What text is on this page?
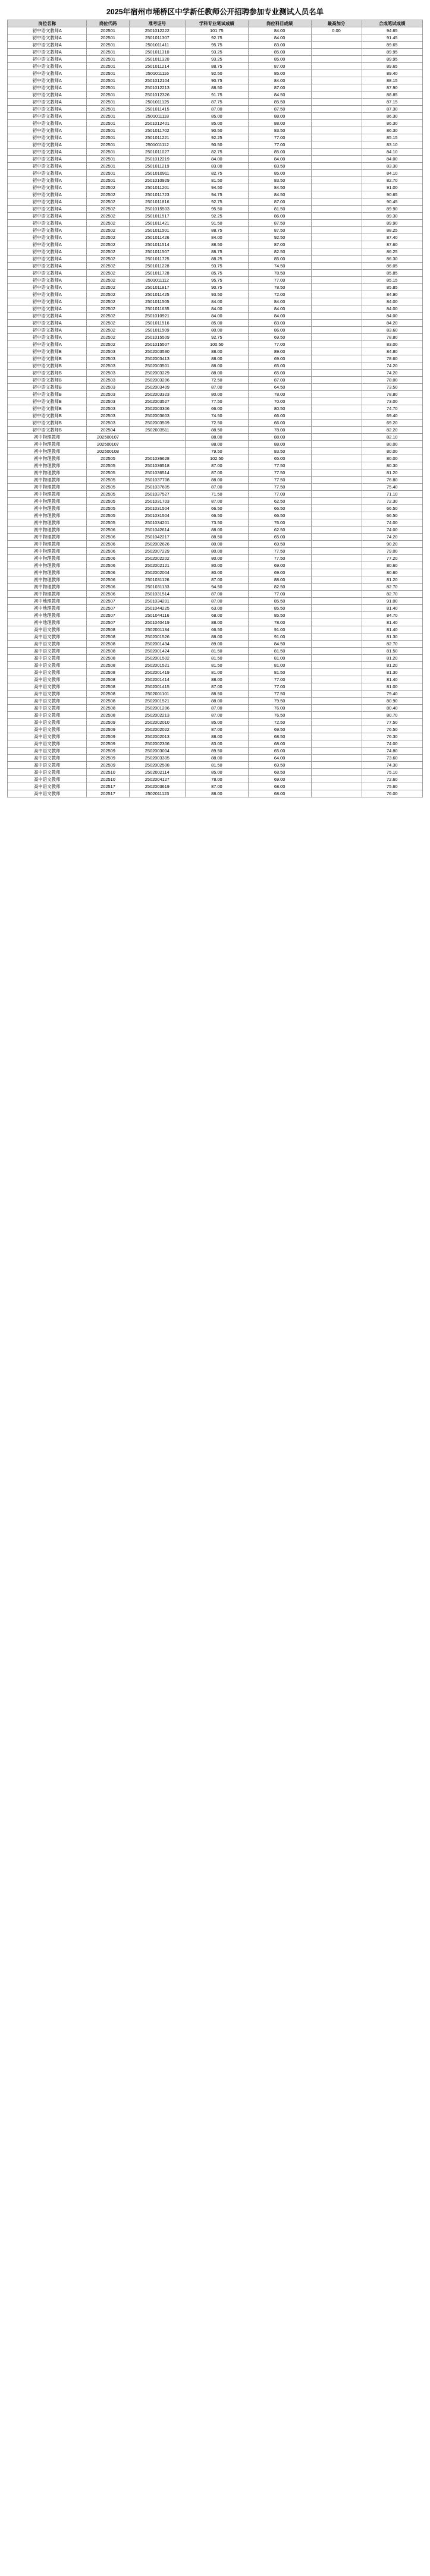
2025年宿州市埇桥区中学新任教师公开招聘参加专业测试人员名单
岗位名称	岗位代码	准考证号	学科专业笔试成绩	岗位科目成绩	最高加分	合成笔试成绩
初中语文教师A	202501	2501012222	101.75	84.00	0.00	94.65
初中语文教师A	202501	2501011307	92.75	84.00		91.45
初中语文教师A	202501	2501011411	95.75	83.00		89.65
初中语文教师A	202501	2501011310	93.25	85.00		89.95
初中语文教师A	202501	2501011320	93.25	85.00		89.95
初中语文教师A	202501	2501011214	88.75	87.00		89.65
初中语文教师A	202501	2501011116	92.50	85.00		89.40
初中语文教师A	202501	2501012104	90.75	84.00		88.15
初中语文教师A	202501	2501012213	88.50	87.00		87.90
初中语文教师A	202501	2501012326	91.75	84.50		88.85
初中语文教师A	202501	2501011125	87.75	85.50		87.15
初中语文教师A	202501	2501011415	87.00	87.50		87.30
初中语文教师A	202501	2501011118	85.00	88.00		86.30
初中语文教师A	202501	2501012401	85.00	88.00		86.30
初中语文教师A	202501	2501011702	90.50	83.50		86.30
初中语文教师A	202501	2501011221	92.25	77.00		85.15
初中语文教师A	202501	2501011112	90.50	77.00		83.10
初中语文教师A	202501	2501011027	82.75	85.00		84.10
初中语文教师A	202501	2501012219	84.00	84.00		84.00
初中语文教师A	202501	2501011219	83.00	83.50		83.30
初中语文教师A	202501	2501010911	82.75	85.00		84.10
初中语文教师A	202501	2501010929	81.50	83.50		82.70
初中语文教师A	202502	2501011201	94.50	84.50		91.00
初中语文教师A	202502	2501011723	94.75	84.50		90.65
初中语文教师A	202502	2501011816	92.75	87.00		90.45
初中语文教师A	202502	2501015503	95.50	81.50		89.90
初中语文教师A	202502	2501011517	92.25	86.00		89.30
初中语文教师A	202502	2501011421	91.50	87.50		89.90
初中语文教师A	202502	2501011501	88.75	87.50		88.25
初中语文教师A	202502	2501011426	84.00	92.50		87.40
初中语文教师A	202502	2501011514	88.50	87.00		87.60
初中语文教师A	202502	2501011507	88.75	82.50		86.25
初中语文教师A	202502	2501011725	88.25	85.00		86.30
初中语文教师A	202502	2501011228	93.75	74.50		86.05
初中语文教师A	202502	2501011728	85.75	78.50		85.85
初中语文教师A	202502	2501011112	95.75	77.00		85.15
初中语文教师A	202502	2501011817	90.75	78.50		85.85
初中语文教师A	202502	2501011425	93.50	72.00		84.90
初中语文教师A	202502	2501011505	84.00	84.00		84.00
初中语文教师A	202502	2501011635	84.00	84.00		84.00
初中语文教师A	202502	2501010921	84.00	84.00		84.00
初中语文教师A	202502	2501011516	85.00	83.00		84.20
初中语文教师A	202502	2501011509	80.00	86.00		83.60
初中语文教师A	202502	2501015509	92.75	69.50		78.80
初中语文教师A	202502	2501015507	100.50	77.00		83.00
初中语文教师B	202503	2502003530	88.00	89.00		84.80
初中语文教师B	202503	2502003413	88.00	69.00		78.60
初中语文教师B	202503	2502003501	88.00	65.00		74.20
初中语文教师B	202503	2502003229	88.00	65.00		74.20
初中语文教师B	202503	2502003206	72.50	87.00		78.00
初中语文教师B	202503	2502003409	87.00	64.50		73.50
初中语文教师B	202503	2502003323	80.00	78.00		78.80
初中语文教师B	202503	2502003527	77.50	70.00		73.00
初中语文教师B	202503	2502003306	66.00	80.50		74.70
初中语文教师B	202503	2502003603	74.50	66.00		69.40
初中语文教师B	202503	2502003509	72.50	66.00		69.20
初中语文教师B	202504	2502003511	88.50	78.00		82.20
初中物理教师	202500107		88.00	88.00		82.10
初中物理教师	202500107		88.00	88.00		80.00
初中物理教师	202500108		79.50	83.50		80.00
初中物理教师	202505	2501036628	102.50	65.00		80.00
初中物理教师	202505	2501036518	87.00	77.50		80.30
初中物理教师	202505	2501036514	87.00	77.50		81.20
初中物理教师	202505	2501037708	88.00	77.50		76.80
初中物理教师	202505	2501037605	87.00	77.50		75.40
初中物理教师	202505	2501037527	71.50	77.00		71.10
初中物理教师	202505	2501031703	87.00	62.50		72.30
初中物理教师	202505	2501031504	66.50	66.50		66.50
初中物理教师	202505	2501031504	66.50	66.50		66.50
初中物理教师	202505	2501034201	73.50	76.00		74.00
初中物理教师	202506	2501042614	88.00	62.50		74.00
初中物理教师	202506	2501042217	88.50	65.00		74.20
初中物理教师	202506	2502002626	80.00	69.50		90.20
初中物理教师	202506	2502007229	80.00	77.50		79.00
初中物理教师	202506	2502002202	80.00	77.50		77.20
初中物理教师	202506	2502002121	80.00	69.00		80.60
初中物理教师	202506	2502002004	80.00	69.00		80.60
初中物理教师	202506	2501031126	87.00	88.00		81.20
初中物理教师	202506	2501031133	94.50	82.50		82.70
初中物理教师	202506	2501031514	87.00	77.00		82.70
初中地理教师	202507	2501034201	87.00	85.50		91.00
初中地理教师	202507	2501044225	63.00	85.50		81.40
初中地理教师	202507	2501044116	68.00	85.50		84.70
初中地理教师	202507	2501040419	88.00	78.00		81.40
高中语文教师	202508	2502001134	66.50	91.00		81.40
高中语文教师	202508	2502001526	88.00	91.00		81.30
高中语文教师	202508	2502001434	89.00	84.50		82.70
高中语文教师	202508	2502001424	81.50	81.50		81.50
高中语文教师	202508	2502001502	81.50	81.00		81.20
高中语文教师	202508	2502001521	81.50	81.00		81.20
高中语文教师	202508	2502001419	81.00	81.50		81.30
高中语文教师	202508	2502001414	88.00	77.00		81.40
高中语文教师	202508	2502001415	87.00	77.00		81.00
高中语文教师	202508	2502001101	88.50	77.50		79.40
高中语文教师	202508	2502001521	88.00	79.50		80.90
高中语文教师	202508	2502001206	87.00	76.00		80.40
高中语文教师	202508	2502002213	87.00	76.50		80.70
高中语文教师	202509	2502002010	85.00	72.50		77.50
高中语文教师	202509	2502002022	87.00	69.50		76.50
高中语文教师	202509	2502002013	88.00	68.50		76.30
高中语文教师	202509	2502002306	83.00	68.00		74.00
高中语文教师	202509	2502003004	89.50	65.00		74.80
高中语文教师	202509	2502003305	88.00	64.00		73.60
高中语文教师	202509	2502002508	81.50	69.50		74.30
高中语文教师	202510	2502002114	85.00	68.50		75.10
高中语文教师	202510	2502004127	78.00	69.00		72.60
高中语文教师	202517	2502003619	87.00	68.00		75.60
高中语文教师	202517	2502011123	88.00	68.00		76.00
